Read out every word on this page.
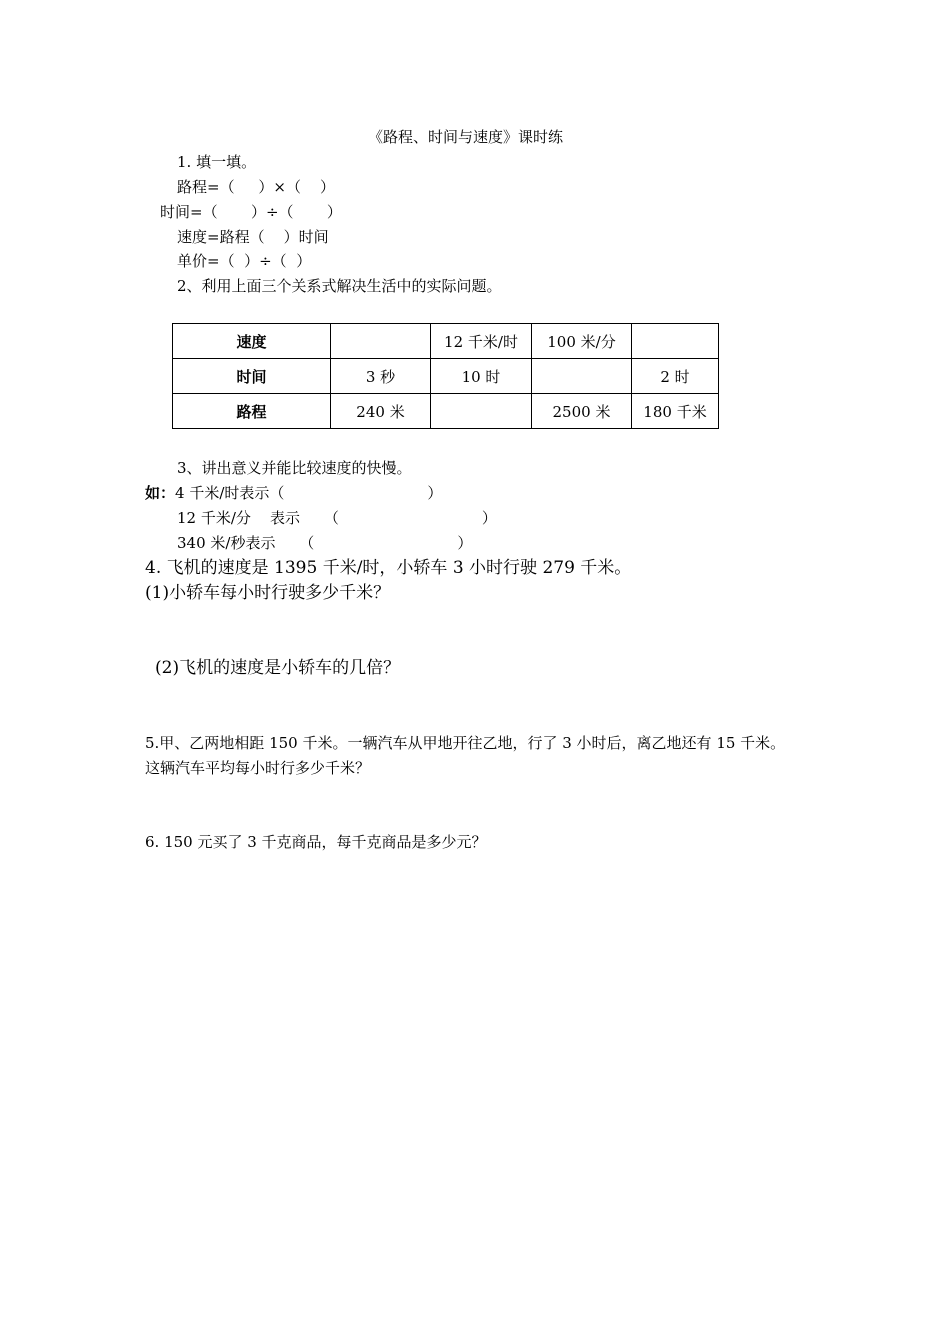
《路程、时间与速度》课时练
1. 填一填。
路程=（     ）×（    ）
时间=（       ）÷（       ）
速度=路程（    ）时间
单价=（  ）÷（  ）
2、利用上面三个关系式解决生活中的实际问题。
速度		12 千米/时	100 米/分	
时间	3 秒	10 时		2 时
路程	240 米		2500 米	180 千米
3、讲出意义并能比较速度的快慢。
如：4 千米/时表示（                              ）
12 千米/分    表示     （                              ）
340 米/秒表示     （                              ）
4. 飞机的速度是 1395 千米/时，小轿车 3 小时行驶 279 千米。
(1)小轿车每小时行驶多少千米？
(2)飞机的速度是小轿车的几倍？
5.甲、乙两地相距 150 千米。一辆汽车从甲地开往乙地，行了 3 小时后，离乙地还有 15 千米。
这辆汽车平均每小时行多少千米？
6. 150 元买了 3 千克商品，每千克商品是多少元？
